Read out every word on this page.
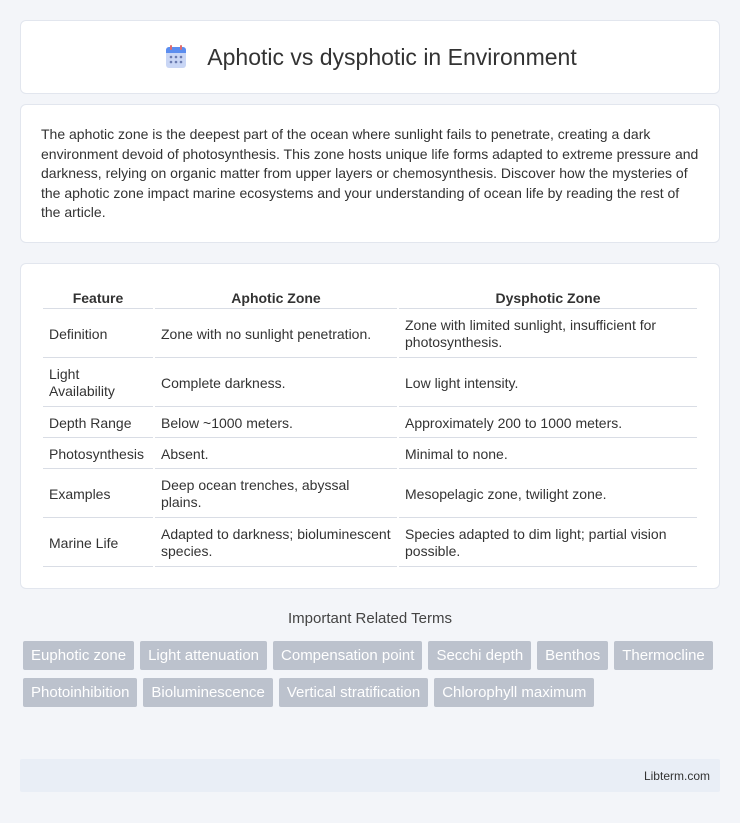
Aphotic vs dysphotic in Environment

The aphotic zone is the deepest part of the ocean where sunlight fails to penetrate, creating a dark environment devoid of photosynthesis. This zone hosts unique life forms adapted to extreme pressure and darkness, relying on organic matter from upper layers or chemosynthesis. Discover how the mysteries of the aphotic zone impact marine ecosystems and your understanding of ocean life by reading the rest of the article.

Feature	Aphotic Zone	Dysphotic Zone
Definition	Zone with no sunlight penetration.	Zone with limited sunlight, insufficient for photosynthesis.
Light Availability	Complete darkness.	Low light intensity.
Depth Range	Below ~1000 meters.	Approximately 200 to 1000 meters.
Photosynthesis	Absent.	Minimal to none.
Examples	Deep ocean trenches, abyssal plains.	Mesopelagic zone, twilight zone.
Marine Life	Adapted to darkness; bioluminescent species.	Species adapted to dim light; partial vision possible.
Important Related Terms
Euphotic zone	Light attenuation	Compensation point	Secchi depth	Benthos	Thermocline
Photoinhibition	Bioluminescence	Vertical stratification	Chlorophyll maximum
Libterm.com
